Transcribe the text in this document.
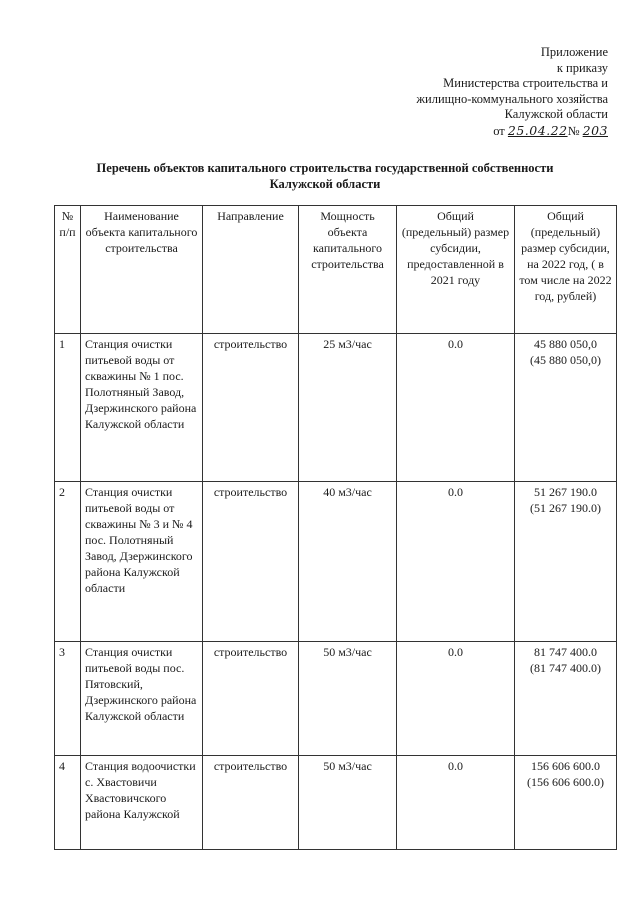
Приложение
к приказу
Министерства строительства и
жилищно-коммунального хозяйства
Калужской области
от 25.04.22№ 203
Перечень объектов капитального строительства государственной собственности
Калужской области
№ п/п	Наименование объекта капитального строительства	Направление	Мощность объекта капитального строительства	Общий (предельный) размер субсидии, предоставленной в 2021 году	Общий (предельный) размер субсидии, на 2022 год, ( в том числе на 2022 год, рублей)
1	Станция очистки питьевой воды от скважины № 1 пос. Полотняный Завод, Дзержинского района Калужской области	строительство	25 м3/час	0.0	45 880 050,0
(45 880 050,0)

2	Станция очистки питьевой воды от скважины № 3 и № 4 пос. Полотняный Завод, Дзержинского района Калужской области	строительство	40 м3/час	0.0	51 267 190.0
(51 267 190.0)

3	Станция очистки питьевой воды пос. Пятовский, Дзержинского района Калужской области	строительство	50 м3/час	0.0	81 747 400.0
(81 747 400.0)

4	Станция водоочистки с. Хвастовичи Хвастовичского района Калужской	строительство	50 м3/час	0.0	156 606 600.0
(156 606 600.0)
